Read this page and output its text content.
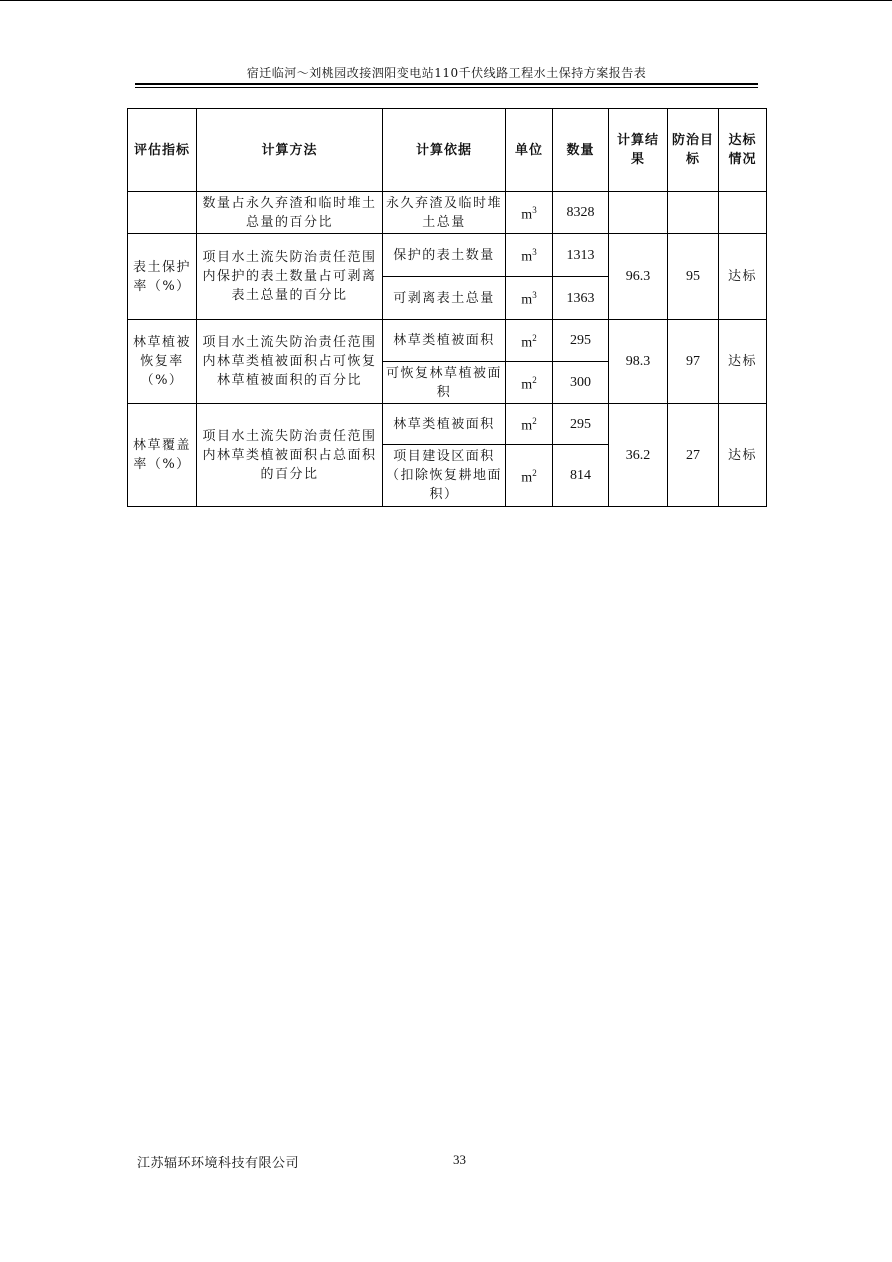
宿迁临河～刘桃园改接泗阳变电站110千伏线路工程水土保持方案报告表
评估指标	计算方法	计算依据	单位	数量	计算结果	防治目标	达标情况
	数量占永久弃渣和临时堆土总量的百分比	永久弃渣及临时堆土总量	$m^3$	8328			
表土保护率（%）	项目水土流失防治责任范围内保护的表土数量占可剥离表土总量的百分比	保护的表土数量	$m^3$	1313	96.3	95	达标
		可剥离表土总量	$m^3$	1363			
林草植被恢复率（%）	项目水土流失防治责任范围内林草类植被面积占可恢复林草植被面积的百分比	林草类植被面积	$m^2$	295	98.3	97	达标
		可恢复林草植被面积	$m^2$	300			
林草覆盖率（%）	项目水土流失防治责任范围内林草类植被面积占总面积的百分比	林草类植被面积	$m^2$	295	36.2	27	达标
		项目建设区面积（扣除恢复耕地面积）	$m^2$	814			
江苏辐环环境科技有限公司	33
